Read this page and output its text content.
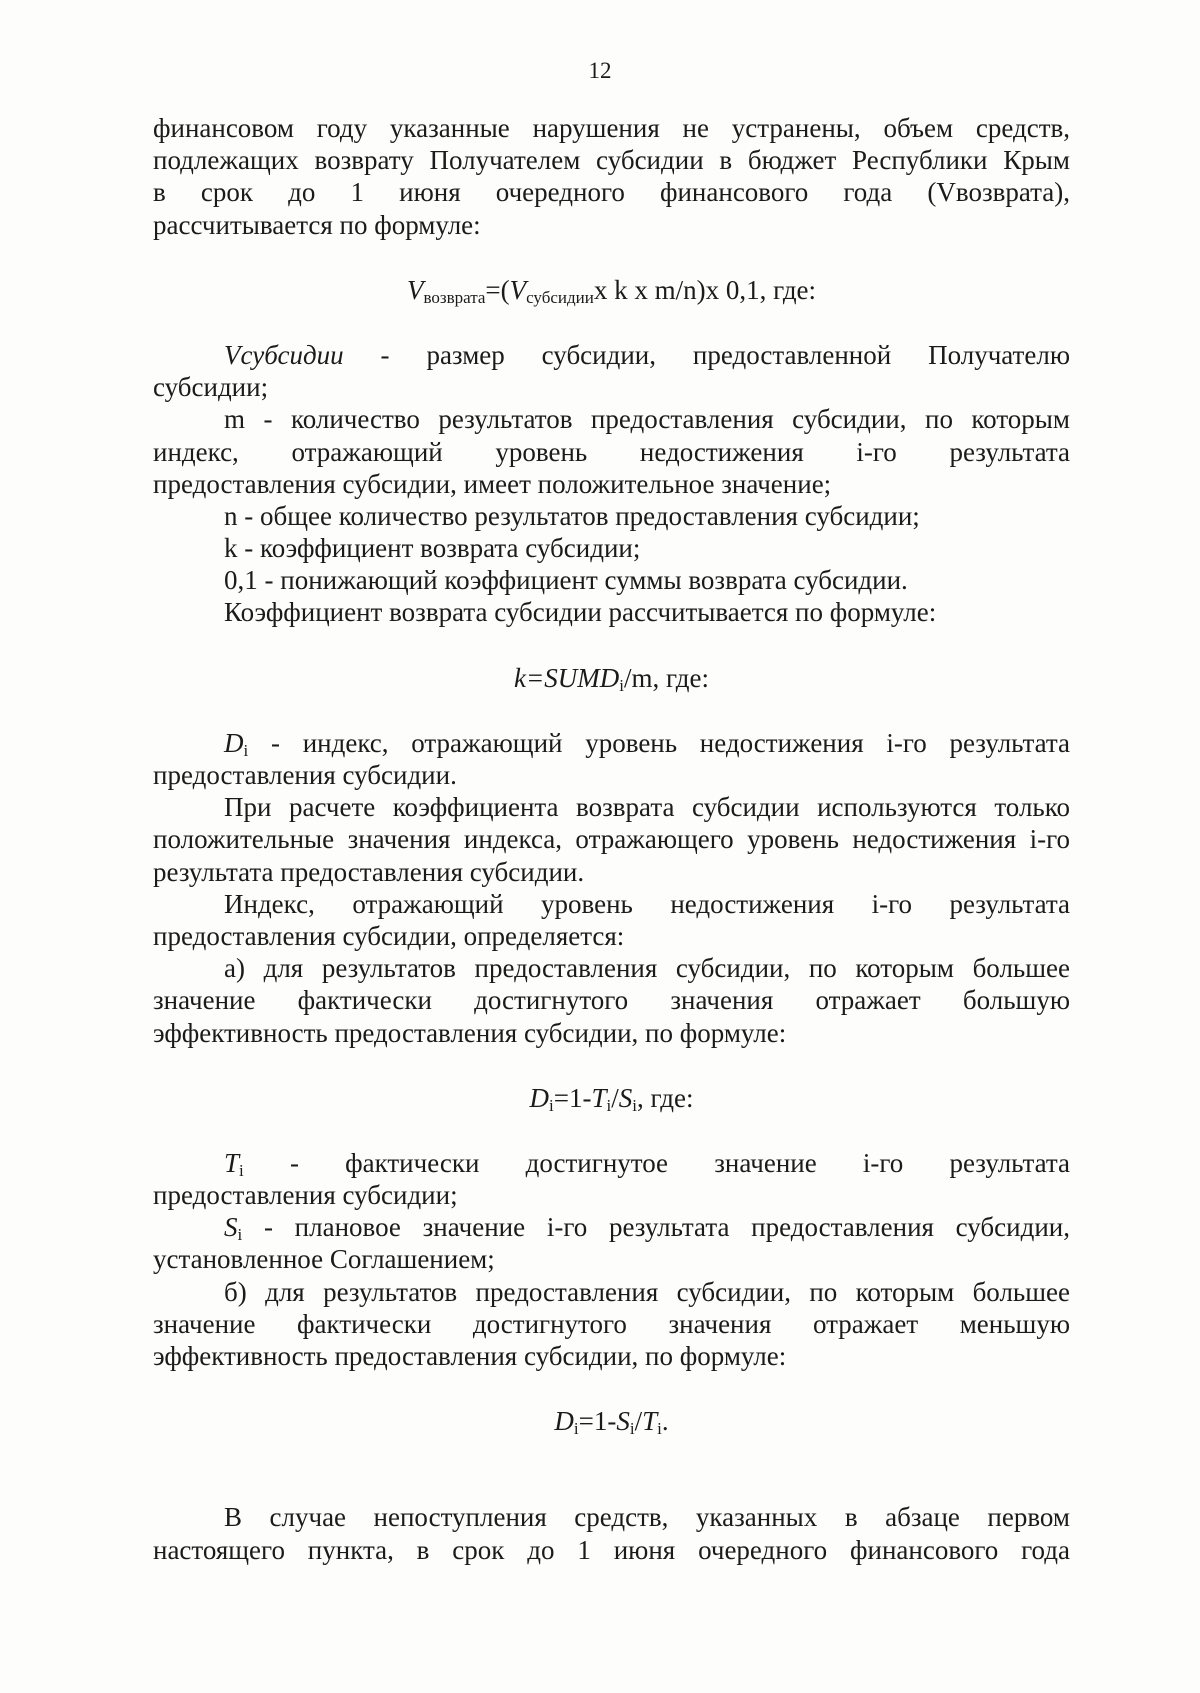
12
финансовом году указанные нарушения не устранены, объем средств,
подлежащих возврату Получателем субсидии в бюджет Республики Крым
в срок до 1 июня очередного финансового года (Vвозврата),
рассчитывается по формуле:
$V_{возврата}=(V_{субсидии}x$ k x m/n)x 0,1, где:
Vсубсидии - размер субсидии, предоставленной Получателю
субсидии;
m - количество результатов предоставления субсидии, по которым
индекс, отражающий уровень недостижения i-го результата
предоставления субсидии, имеет положительное значение;
n - общее количество результатов предоставления субсидии;
k - коэффициент возврата субсидии;
0,1 - понижающий коэффициент суммы возврата субсидии.
Коэффициент возврата субсидии рассчитывается по формуле:
$k=SUMD_i/m$, где:
$D_i$ - индекс, отражающий уровень недостижения i-го результата
предоставления субсидии.
При расчете коэффициента возврата субсидии используются только
положительные значения индекса, отражающего уровень недостижения i-го
результата предоставления субсидии.
Индекс, отражающий уровень недостижения i-го результата
предоставления субсидии, определяется:
а) для результатов предоставления субсидии, по которым большее
значение фактически достигнутого значения отражает большую
эффективность предоставления субсидии, по формуле:
$D_i=1-T_i/S_i$, где:
$T_i$ - фактически достигнутое значение i-го результата
предоставления субсидии;
$S_i$ - плановое значение i-го результата предоставления субсидии,
установленное Соглашением;
б) для результатов предоставления субсидии, по которым большее
значение фактически достигнутого значения отражает меньшую
эффективность предоставления субсидии, по формуле:
$D_i=1-S_i/T_i$.
В случае непоступления средств, указанных в абзаце первом
настоящего пункта, в срок до 1 июня очередного финансового года
